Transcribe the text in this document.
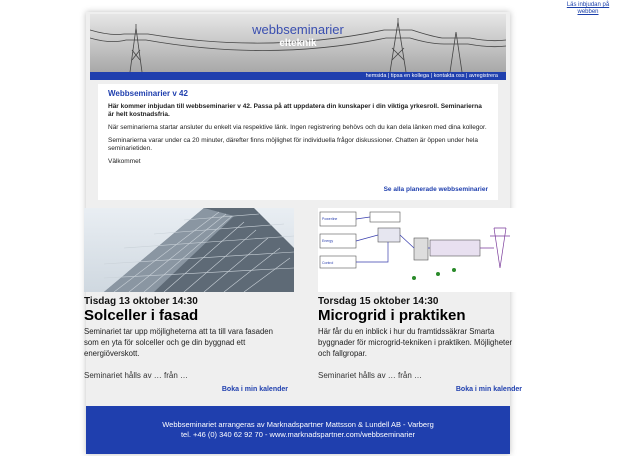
Läs inbjudan på webben
webbseminarier
elteknik
hemsida | tipsa en kollega | kontakta oss | avregistrera
Webbseminarier v 42

Här kommer inbjudan till webbseminarier v 42. Passa på att uppdatera din kunskaper i din viktiga yrkesroll. Seminarierna är helt kostnadsfria.

När seminarierna startar ansluter du enkelt via respektive länk. Ingen registrering behövs och du kan dela länken med dina kollegor.

Seminarierna varar under ca 20 minuter, därefter finns möjlighet för individuella frågor diskussioner. Chatten är öppen under hela seminarietiden.

Välkommet

Se alla planerade webbseminarier
Tisdag 13 oktober 14:30
Solceller i fasad
Seminariet tar upp möjligheterna att ta till vara fasaden som en yta för solceller och ge din byggnad ett energiöverskott.
Seminariet hålls av … från …
Boka i min kalender
Powerline
Energy
Control
Torsdag 15 oktober 14:30
Microgrid i praktiken
Här får du en inblick i hur du framtidssäkrar Smarta byggnader för microgrid-tekniken i praktiken. Möjligheter och fallgropar.
Seminariet hålls av … från …
Boka i min kalender
Webbseminariet arrangeras av Marknadspartner Mattsson & Lundell AB - Varberg
tel. +46 (0) 340 62 92 70 - www.marknadspartner.com/webbseminarier
